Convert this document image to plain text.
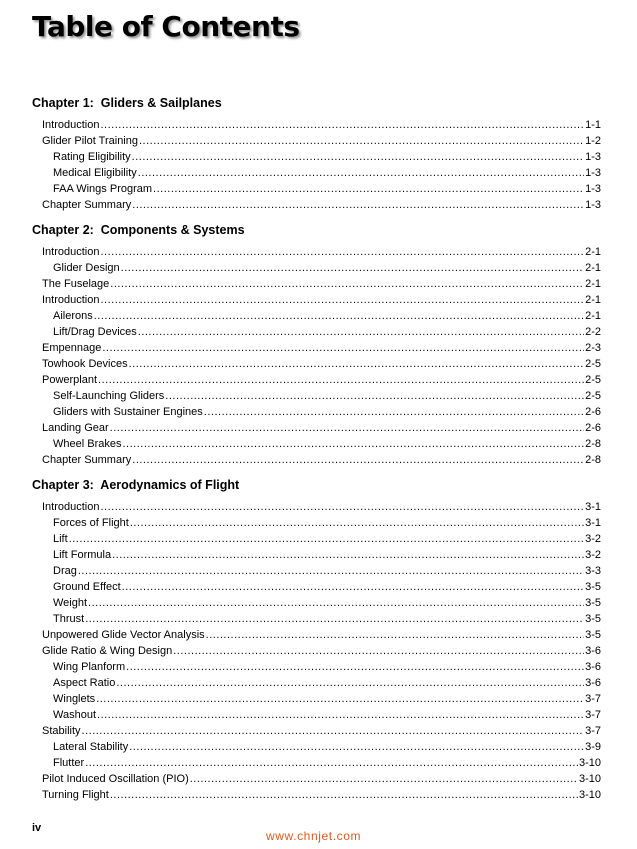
Table of Contents
Chapter 1:  Gliders & Sailplanes
Introduction .....	1-1
Glider Pilot Training .....	1-2
Rating Eligibility .....	1-3
Medical Eligibility .....	1-3
FAA Wings Program .....	1-3
Chapter Summary .....	1-3
Chapter 2:  Components & Systems
Introduction .....	2-1
Glider Design .....	2-1
The Fuselage .....	2-1
Introduction .....	2-1
Ailerons .....	2-1
Lift/Drag Devices .....	2-2
Empennage .....	2-3
Towhook Devices .....	2-5
Powerplant .....	2-5
Self-Launching Gliders .....	2-5
Gliders with Sustainer Engines .....	2-6
Landing Gear .....	2-6
Wheel Brakes .....	2-8
Chapter Summary .....	2-8
Chapter 3:  Aerodynamics of Flight
Introduction .....	3-1
Forces of Flight .....	3-1
Lift .....	3-2
Lift Formula .....	3-2
Drag .....	3-3
Ground Effect .....	3-5
Weight .....	3-5
Thrust .....	3-5
Unpowered Glide Vector Analysis .....	3-5
Glide Ratio & Wing Design .....	3-6
Wing Planform .....	3-6
Aspect Ratio .....	3-6
Winglets .....	3-7
Washout .....	3-7
Stability .....	3-7
Lateral Stability .....	3-9
Flutter .....	3-10
Pilot Induced Oscillation (PIO) .....	3-10
Turning Flight .....	3-10
iv
www.chnjet.com
